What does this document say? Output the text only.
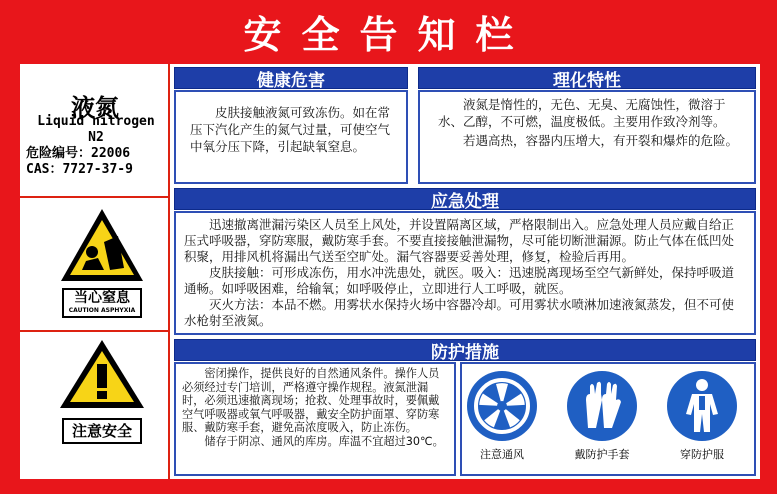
安全告知栏
液氮
Liquid nitrogen
N2
危险编号：22006
CAS：7727-37-9
当心窒息
CAUTION ASPHYXIA
注意安全
健康危害

皮肤接触液氮可致冻伤。如在常压下汽化产生的氮气过量，可使空气中氧分压下降，引起缺氧窒息。

理化特性

液氮是惰性的，无色、无臭、无腐蚀性，微溶于水、乙醇，不可燃，温度极低。主要用作致冷剂等。

若遇高热，容器内压增大，有开裂和爆炸的危险。

应急处理

迅速撤离泄漏污染区人员至上风处，并设置隔离区域，严格限制出入。应急处理人员应戴自给正压式呼吸器，穿防寒服，戴防寒手套。不要直接接触泄漏物，尽可能切断泄漏源。防止气体在低凹处积聚，用排风机将漏出气送至空旷处。漏气容器要妥善处理，修复，检验后再用。

皮肤接触：可形成冻伤，用水冲洗患处，就医。吸入：迅速脱离现场至空气新鲜处，保持呼吸道通畅。如呼吸困难，给输氧；如呼吸停止，立即进行人工呼吸，就医。

灭火方法：本品不燃。用雾状水保持火场中容器冷却。可用雾状水喷淋加速液氮蒸发，但不可使水枪射至液氮。

防护措施

密闭操作，提供良好的自然通风条件。操作人员必须经过专门培训，严格遵守操作规程。液氮泄漏时，必须迅速撤离现场；抢救、处理事故时，要佩戴空气呼吸器或氧气呼吸器，戴安全防护面罩、穿防寒服、戴防寒手套，避免高浓度吸入，防止冻伤。

储存于阴凉、通风的库房。库温不宜超过30℃。

注意通风	戴防护手套	穿防护服
